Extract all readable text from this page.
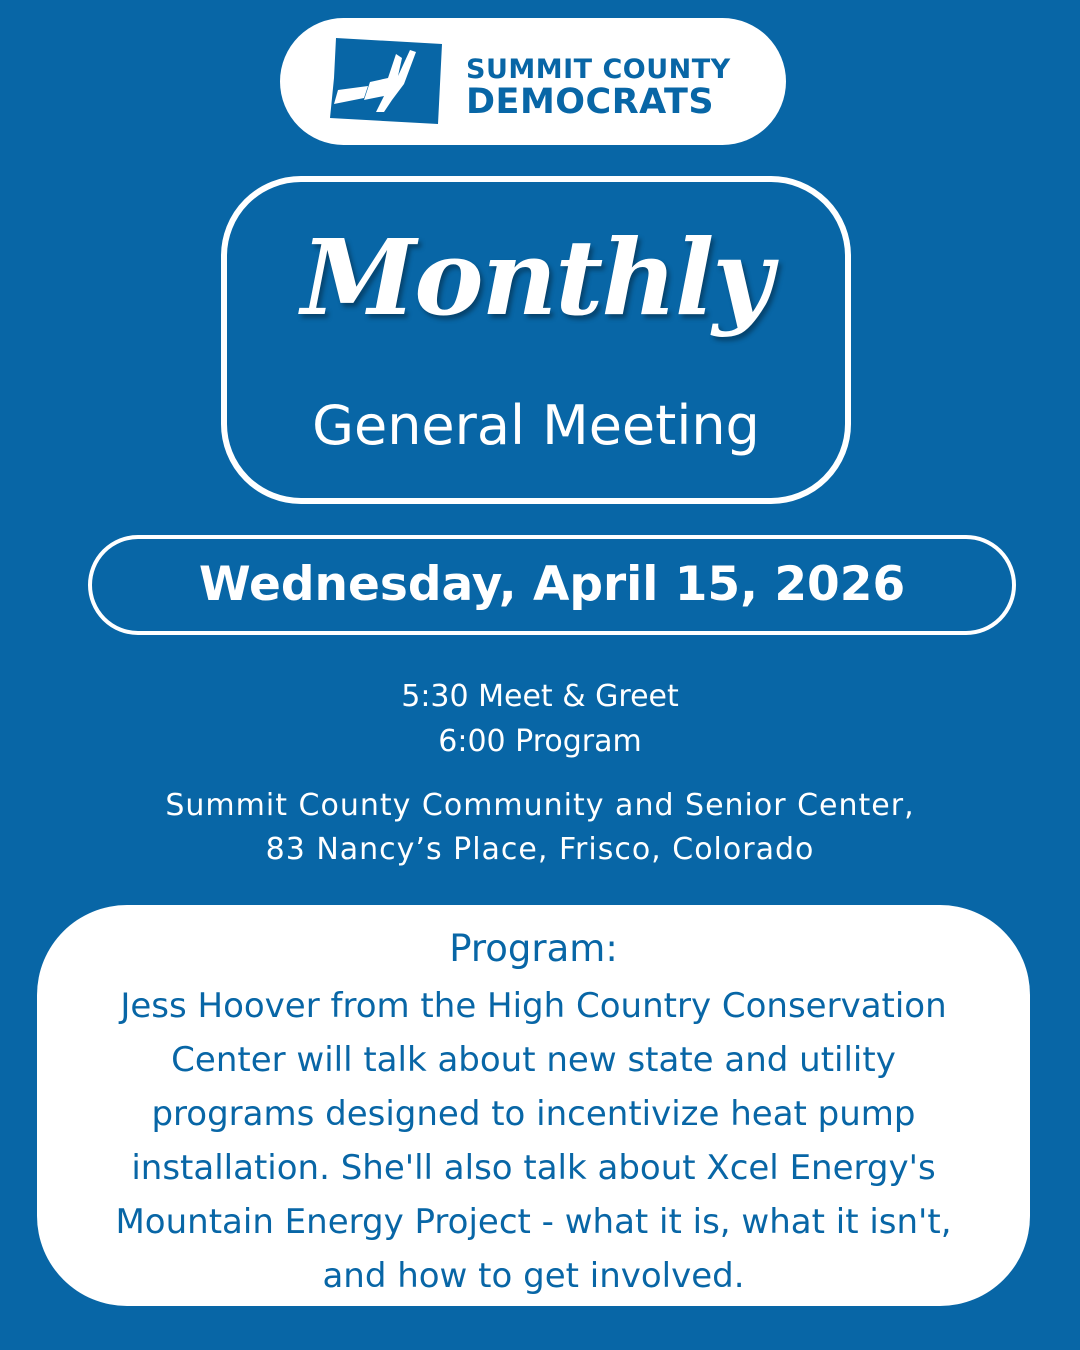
SUMMIT COUNTY
DEMOCRATS
Monthly
General Meeting
Wednesday, April 15, 2026
5:30 Meet & Greet
6:00 Program
Summit County Community and Senior Center,
83 Nancy’s Place, Frisco, Colorado
Program:
Jess Hoover from the High Country Conservation
Center will talk about new state and utility
programs designed to incentivize heat pump
installation. She'll also talk about Xcel Energy's
Mountain Energy Project - what it is, what it isn't,
and how to get involved.
